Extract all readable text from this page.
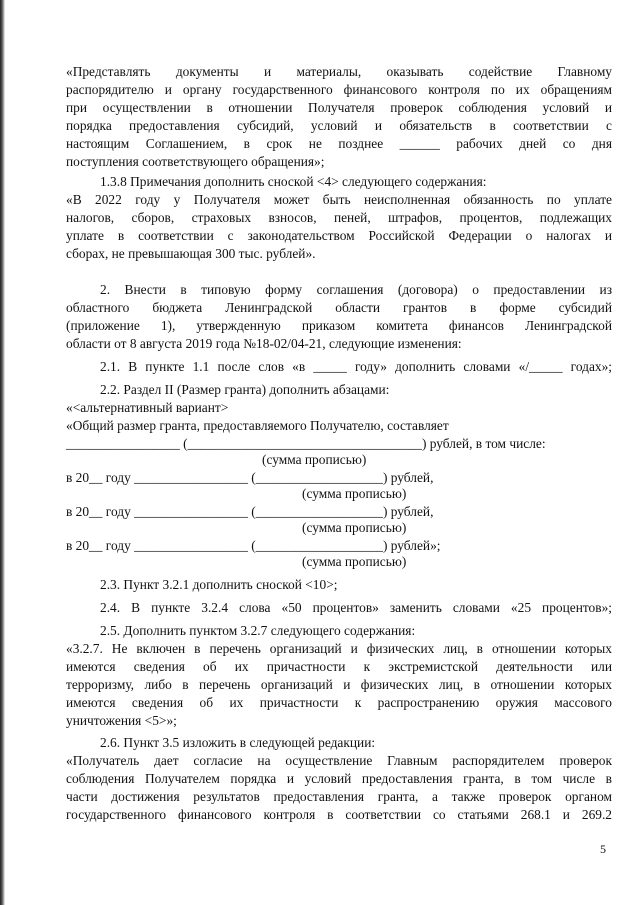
«Представлять документы и материалы, оказывать содействие Главному
распорядителю и органу государственного финансового контроля по их обращениям
при осуществлении в отношении Получателя проверок соблюдения условий и
порядка предоставления субсидий, условий и обязательств в соответствии с
настоящим Соглашением, в срок не позднее ______ рабочих дней со дня
поступления соответствующего обращения»;
1.3.8 Примечания дополнить сноской <4> следующего содержания:
«В 2022 году у Получателя может быть неисполненная обязанность по уплате
налогов, сборов, страховых взносов, пеней, штрафов, процентов, подлежащих
уплате в соответствии с законодательством Российской Федерации о налогах и
сборах, не превышающая 300 тыс. рублей».
2. Внести в типовую форму соглашения (договора) о предоставлении из
областного бюджета Ленинградской области грантов в форме субсидий
(приложение 1), утвержденную приказом комитета финансов Ленинградской
области от 8 августа 2019 года №18-02/04-21, следующие изменения:
2.1. В пункте 1.1 после слов «в _____ году» дополнить словами «/_____ годах»;
2.2. Раздел II (Размер гранта) дополнить абзацами:
«<альтернативный вариант>
«Общий размер гранта, предоставляемого Получателю, составляет
_________________ (___________________________________) рублей, в том числе:
(сумма прописью)
в 20__ году _________________ (___________________) рублей,
(сумма прописью)
в 20__ году _________________ (___________________) рублей,
(сумма прописью)
в 20__ году _________________ (___________________) рублей»;
(сумма прописью)
2.3. Пункт 3.2.1 дополнить сноской <10>;
2.4. В пункте 3.2.4 слова «50 процентов» заменить словами «25 процентов»;
2.5. Дополнить пунктом 3.2.7 следующего содержания:
«3.2.7. Не включен в перечень организаций и физических лиц, в отношении которых
имеются сведения об их причастности к экстремистской деятельности или
терроризму, либо в перечень организаций и физических лиц, в отношении которых
имеются сведения об их причастности к распространению оружия массового
уничтожения <5>»;
2.6. Пункт 3.5 изложить в следующей редакции:
«Получатель дает согласие на осуществление Главным распорядителем проверок
соблюдения Получателем порядка и условий предоставления гранта, в том числе в
части достижения результатов предоставления гранта, а также проверок органом
государственного финансового контроля в соответствии со статьями 268.1 и 269.2
5
